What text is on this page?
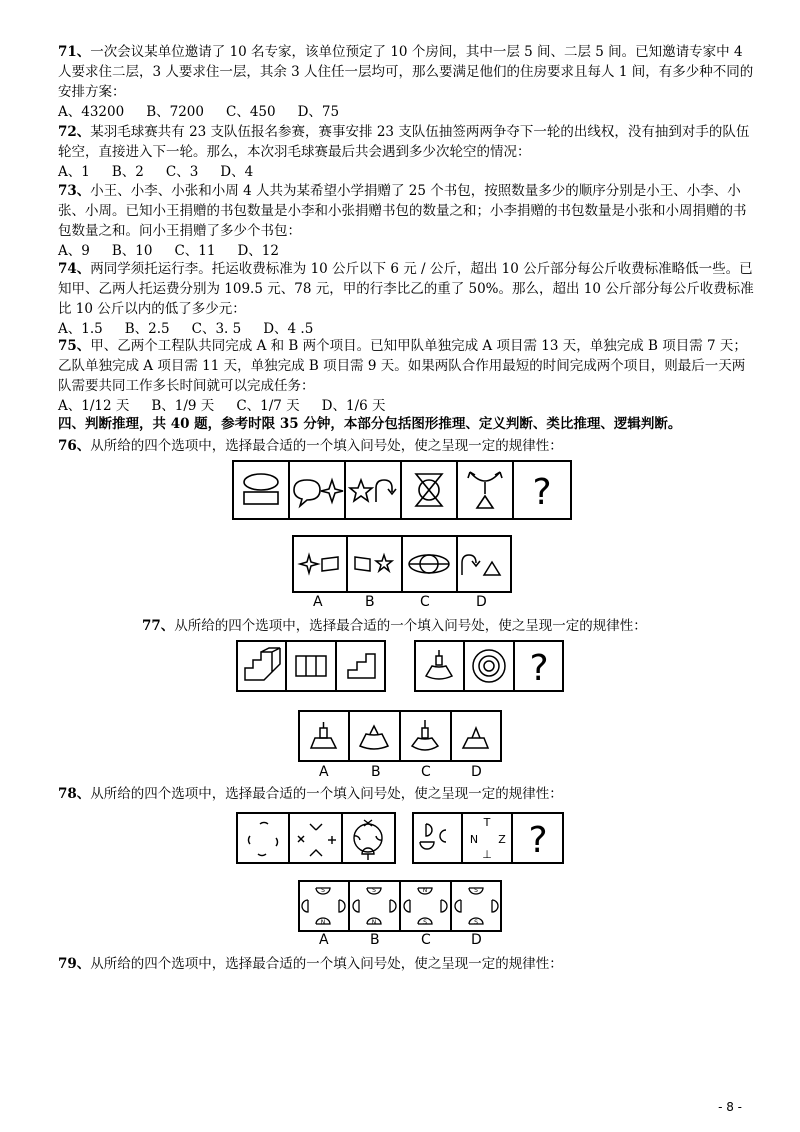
71、一次会议某单位邀请了 10 名专家，该单位预定了 10 个房间，其中一层 5 间、二层 5 间。已知邀请专家中 4 人要求住二层，3 人要求住一层，其余 3 人住任一层均可，那么要满足他们的住房要求且每人 1 间，有多少种不同的安排方案：

A、43200 B、7200 C、450 D、75

72、某羽毛球赛共有 23 支队伍报名参赛，赛事安排 23 支队伍抽签两两争夺下一轮的出线权，没有抽到对手的队伍轮空，直接进入下一轮。那么，本次羽毛球赛最后共会遇到多少次轮空的情况：

A、1 B、2 C、3 D、4

73、小王、小李、小张和小周 4 人共为某希望小学捐赠了 25 个书包，按照数量多少的顺序分别是小王、小李、小张、小周。已知小王捐赠的书包数量是小李和小张捐赠书包的数量之和；小李捐赠的书包数量是小张和小周捐赠的书包数量之和。问小王捐赠了多少个书包：

A、9 B、10 C、11 D、12

74、两同学须托运行李。托运收费标准为 10 公斤以下 6 元 / 公斤，超出 10 公斤部分每公斤收费标准略低一些。已知甲、乙两人托运费分别为 109.5 元、78 元，甲的行李比乙的重了 50%。那么，超出 10 公斤部分每公斤收费标准比 10 公斤以内的低了多少元：

A、1.5 B、2.5 C、3. 5 D、4 .5

75、甲、乙两个工程队共同完成 A 和 B 两个项目。已知甲队单独完成 A 项目需 13 天，单独完成 B 项目需 7 天；乙队单独完成 A 项目需 11 天，单独完成 B 项目需 9 天。如果两队合作用最短的时间完成两个项目，则最后一天两队需要共同工作多长时间就可以完成任务：

A、1/12 天 B、1/9 天 C、1/7 天 D、1/6 天

四、判断推理，共 40 题，参考时限 35 分钟，本部分包括图形推理、定义判断、类比推理、逻辑判断。

76、从所给的四个选项中，选择最合适的一个填入问号处，使之呈现一定的规律性：

?
A	B	C	D

77、从所给的四个选项中，选择最合适的一个填入问号处，使之呈现一定的规律性：

?
A	B	C	D

78、从所给的四个选项中，选择最合适的一个填入问号处，使之呈现一定的规律性：

T
N Z
⊥ ?
S
N
S
N
N
S
S
S
A	B	C	D

79、从所给的四个选项中，选择最合适的一个填入问号处，使之呈现一定的规律性：

- 8 -
